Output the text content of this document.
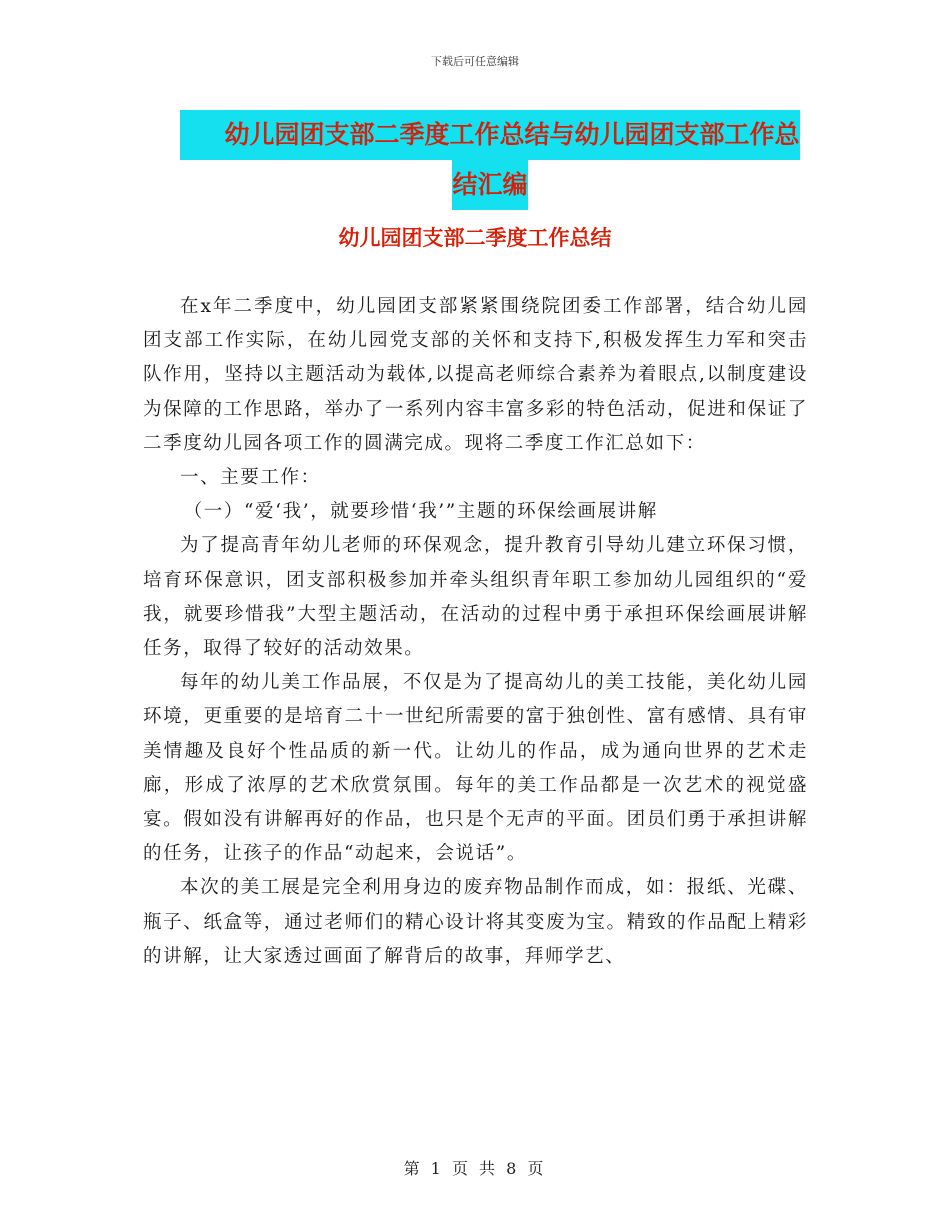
下载后可任意编辑
幼儿园团支部二季度工作总结与幼儿园团支部工作总 结汇编
幼儿园团支部二季度工作总结

在x年二季度中，幼儿园团支部紧紧围绕院团委工作部署，结合幼儿园团支部工作实际，在幼儿园党支部的关怀和支持下,积极发挥生力军和突击队作用，坚持以主题活动为载体,以提高老师综合素养为着眼点,以制度建设为保障的工作思路，举办了一系列内容丰富多彩的特色活动，促进和保证了二季度幼儿园各项工作的圆满完成。现将二季度工作汇总如下：

一、主要工作：

（一）“爱‘我’，就要珍惜‘我’”主题的环保绘画展讲解

为了提高青年幼儿老师的环保观念，提升教育引导幼儿建立环保习惯，培育环保意识，团支部积极参加并牵头组织青年职工参加幼儿园组织的“爱我，就要珍惜我”大型主题活动，在活动的过程中勇于承担环保绘画展讲解任务，取得了较好的活动效果。

每年的幼儿美工作品展，不仅是为了提高幼儿的美工技能，美化幼儿园环境，更重要的是培育二十一世纪所需要的富于独创性、富有感情、具有审美情趣及良好个性品质的新一代。让幼儿的作品，成为通向世界的艺术走廊，形成了浓厚的艺术欣赏氛围。每年的美工作品都是一次艺术的视觉盛宴。假如没有讲解再好的作品，也只是个无声的平面。团员们勇于承担讲解的任务，让孩子的作品“动起来，会说话”。

本次的美工展是完全利用身边的废弃物品制作而成，如：报纸、光碟、瓶子、纸盒等，通过老师们的精心设计将其变废为宝。精致的作品配上精彩的讲解，让大家透过画面了解背后的故事，拜师学艺、

第 1 页 共 8 页
